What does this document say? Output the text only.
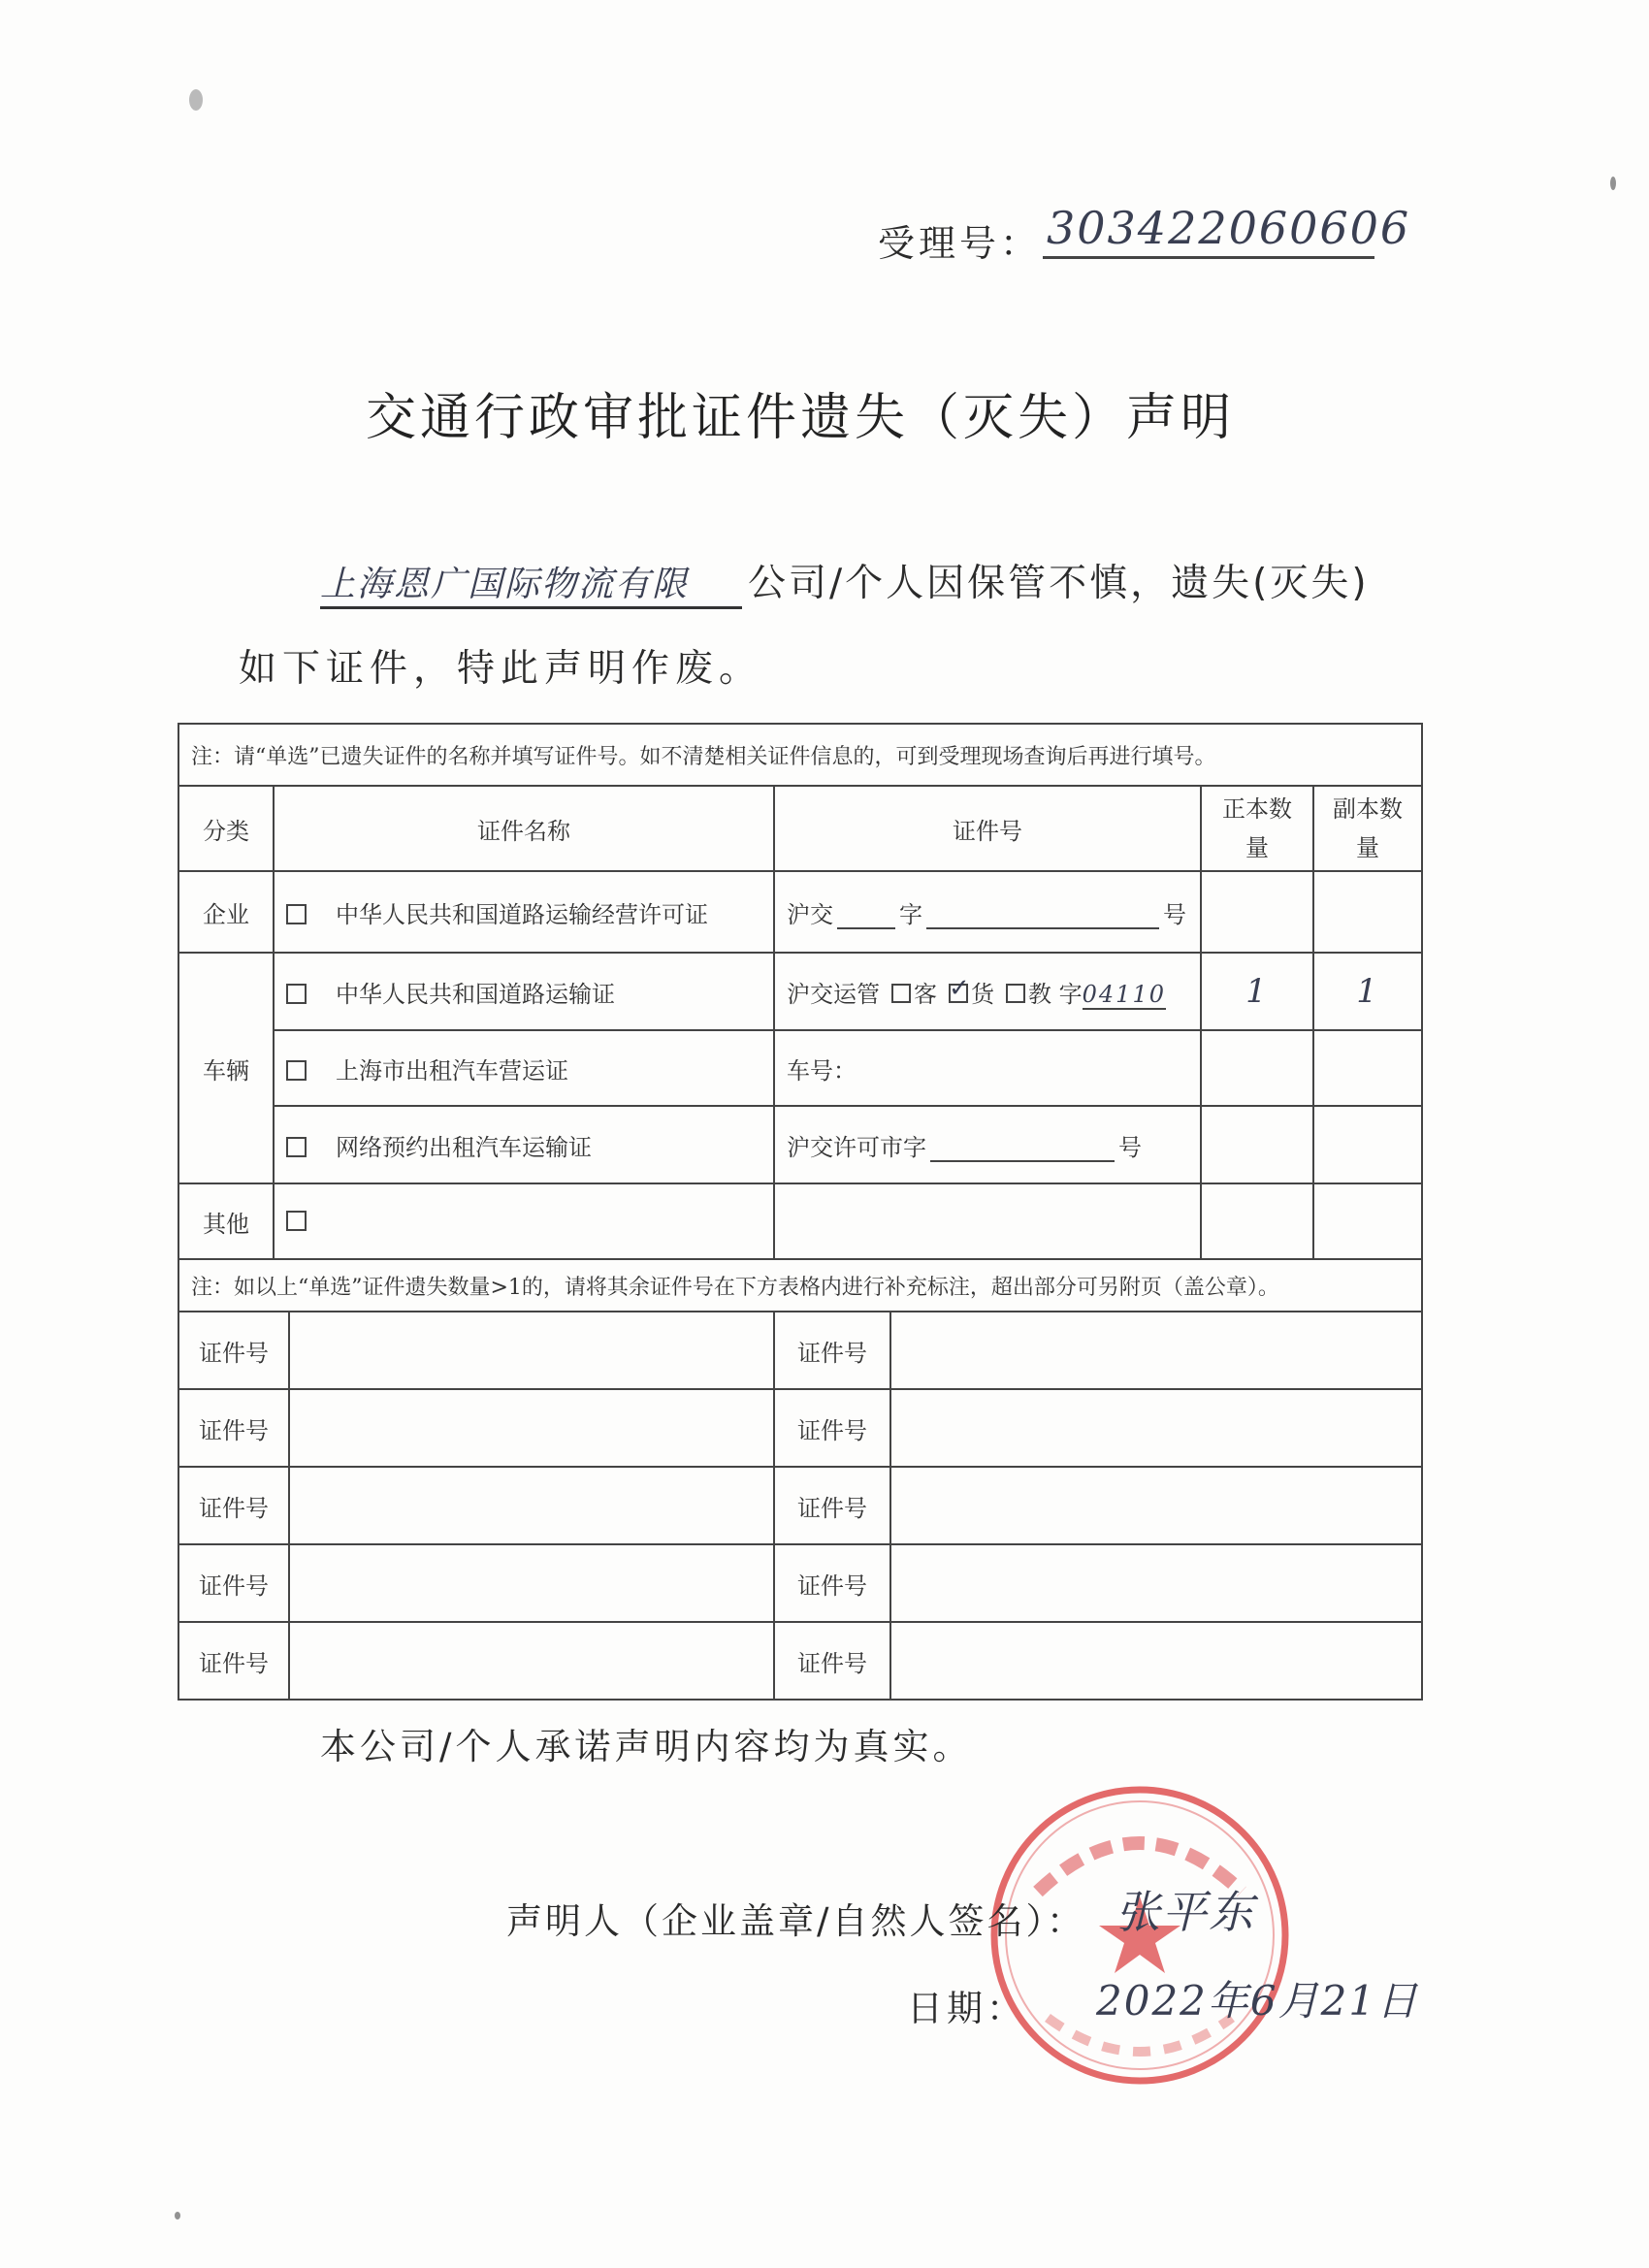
受理号： 303422060606
交通行政审批证件遗失（灭失）声明
上海恩广国际物流有限 公司/个人因保管不慎，遗失(灭失)
如下证件，特此声明作废。
注：请“单选”已遗失证件的名称并填写证件号。如不清楚相关证件信息的，可到受理现场查询后再进行填号。						
分类	证件名称		证件号		正本数量	副本数量
企业	中华人民共和国道路运输经营许可证		沪交 字 号			
车辆	中华人民共和国道路运输证		沪交运管 客 ✓ 货 教 字04110		1	1
	上海市出租汽车营运证		车号：			
	网络预约出租汽车运输证		沪交许可市字 号			
其他						
注：如以上“单选”证件遗失数量>1的，请将其余证件号在下方表格内进行补充标注，超出部分可另附页（盖公章）。						
证件号			证件号			
证件号			证件号			
证件号			证件号			
证件号			证件号			
证件号			证件号			
本公司/个人承诺声明内容均为真实。
声明人（企业盖章/自然人签名）： 张平东
日期： 2022年6月21日
